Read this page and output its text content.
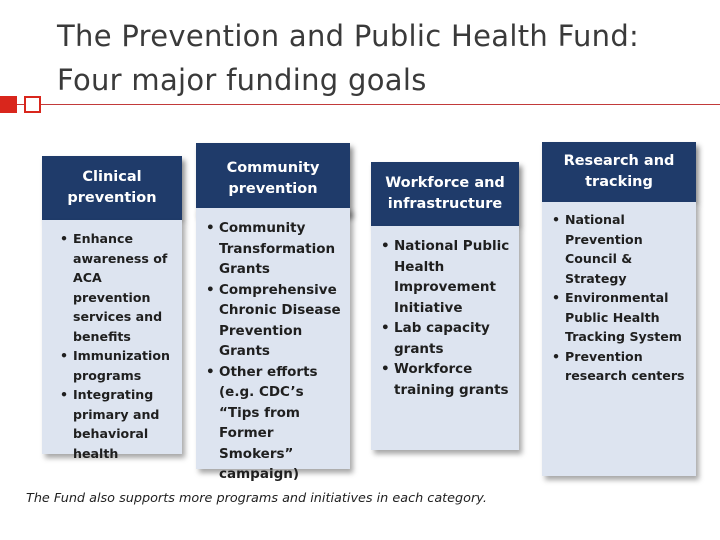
The Prevention and Public Health Fund:
Four major funding goals
Clinical prevention
• Enhance awareness of ACA prevention services and benefits
• Immunization programs
• Integrating primary and behavioral health
Community prevention
• Community Transformation Grants
• Comprehensive Chronic Disease Prevention Grants
• Other efforts (e.g. CDC’s “Tips from Former Smokers” campaign)
Workforce and infrastructure
• National Public Health Improvement Initiative
• Lab capacity grants
• Workforce training grants
Research and tracking
• National Prevention Council & Strategy
• Environmental Public Health Tracking System
• Prevention research centers
The Fund also supports more programs and initiatives in each category.
